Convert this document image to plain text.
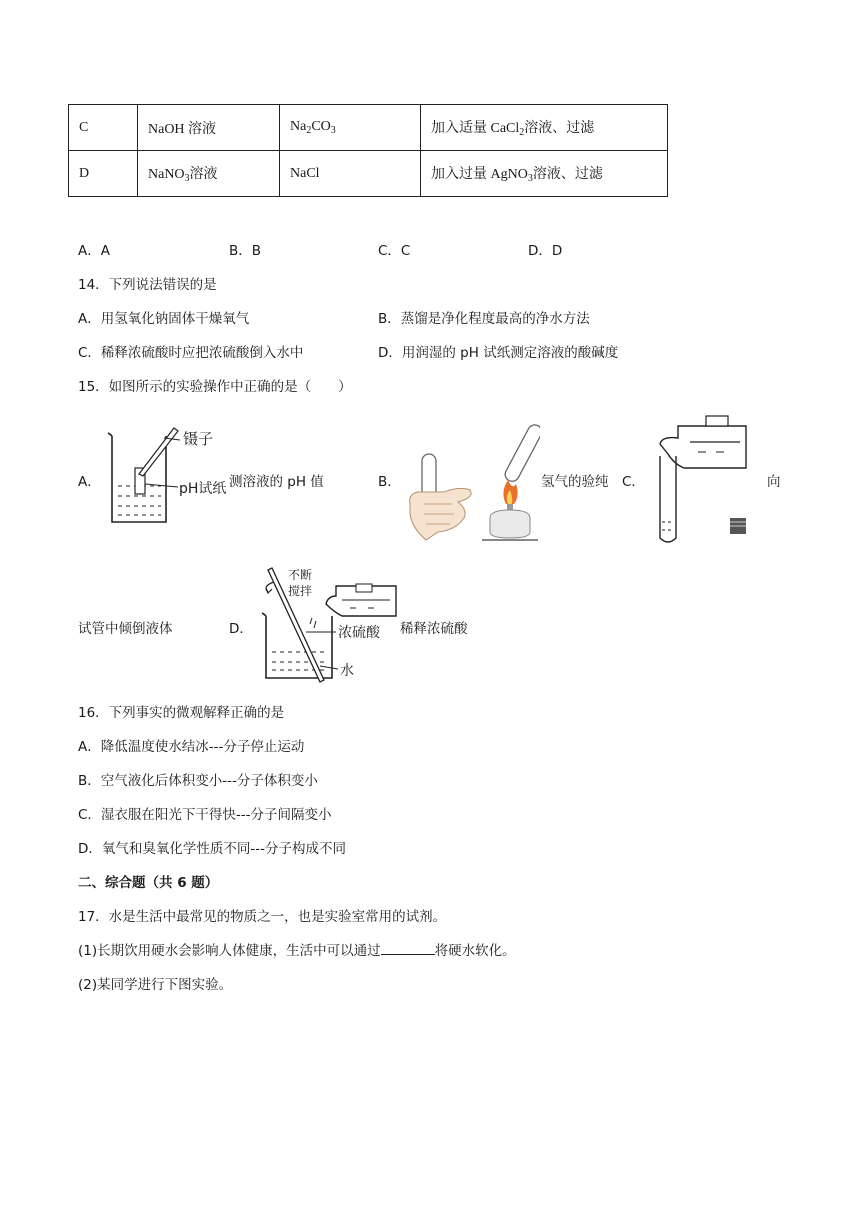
C	NaOH 溶液	$Na_2CO_3$	加入适量 CaCl$_2$溶液、过滤
D	NaNO$_3$溶液	NaCl	加入过量 AgNO$_3$溶液、过滤
A．A	B．B	C．C	D．D
14．下列说法错误的是
A．用氢氧化钠固体干燥氧气	B．蒸馏是净化程度最高的净水方法
C．稀释浓硫酸时应把浓硫酸倒入水中	D．用润湿的 pH 试纸测定溶液的酸碱度
15．如图所示的实验操作中正确的是（　　）
A．
镊子
pH试纸 测溶液的 pH 值	B．	氢气的验纯 C．	向
试管中倾倒液体	D．
不断
搅拌
浓硫酸
水
稀释浓硫酸
16．下列事实的微观解释正确的是
A．降低温度使水结冰---分子停止运动
B．空气液化后体积变小---分子体积变小
C．湿衣服在阳光下干得快---分子间隔变小
D．氧气和臭氧化学性质不同---分子构成不同
二、综合题（共 6 题）
17．水是生活中最常见的物质之一，也是实验室常用的试剂。
(1)长期饮用硬水会影响人体健康，生活中可以通过	将硬水软化。
(2)某同学进行下图实验。
